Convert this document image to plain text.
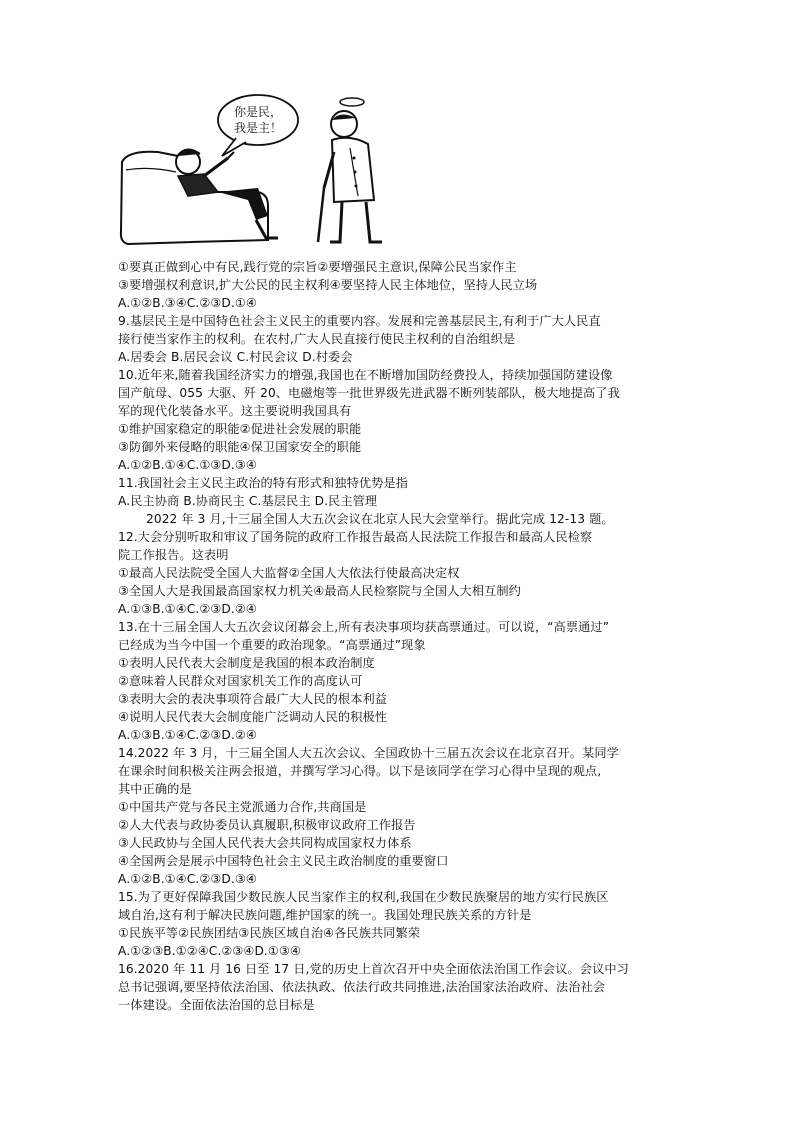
你是民，
我是主！
①要真正做到心中有民,践行党的宗旨②要增强民主意识,保障公民当家作主
③要增强权利意识,扩大公民的民主权利④要坚持人民主体地位，坚持人民立场
A.①②B.③④C.②③D.①④
9.基层民主是中国特色社会主义民主的重要内容。发展和完善基层民主,有利于广大人民直
接行使当家作主的权利。在农村,广大人民直接行使民主权利的自治组织是
A.居委会 B.居民会议 C.村民会议 D.村委会
10.近年来,随着我国经济实力的增强,我国也在不断增加国防经费投人，持续加强国防建设像
国产航母、055 大驱、歼 20、电磁炮等一批世界级先进武器不断列装部队，极大地提高了我
军的现代化装备水平。这主要说明我国具有
①维护国家稳定的职能②促进社会发展的职能
③防御外来侵略的职能④保卫国家安全的职能
A.①②B.①④C.①③D.③④
11.我国社会主义民主政治的特有形式和独特优势是指
A.民主协商 B.协商民主 C.基层民主 D.民主管理
2022 年 3 月,十三届全国人大五次会议在北京人民大会堂举行。据此完成 12-13 题。
12.大会分别听取和审议了国务院的政府工作报告最高人民法院工作报告和最高人民检察
院工作报告。这表明
①最高人民法院受全国人大监督②全国人大依法行使最高决定权
③全国人大是我国最高国家权力机关④最高人民检察院与全国人大相互制约
A.①③B.①④C.②③D.②④
13.在十三届全国人大五次会议闭幕会上,所有表决事项均获高票通过。可以说，“高票通过”
已经成为当今中国一个重要的政治现象。“高票通过”现象
①表明人民代表大会制度是我国的根本政治制度
②意味着人民群众对国家机关工作的高度认可
③表明大会的表决事项符合最广大人民的根本利益
④说明人民代表大会制度能广泛调动人民的积极性
A.①③B.①④C.②③D.②④
14.2022 年 3 月，十三届全国人大五次会议、全国政协十三届五次会议在北京召开。某同学
在课余时间积极关注两会报道，并撰写学习心得。以下是该同学在学习心得中呈现的观点,
其中正确的是
①中国共产党与各民主党派通力合作,共商国是
②人大代表与政协委员认真履职,积极审议政府工作报告
③人民政协与全国人民代表大会共同构成国家权力体系
④全国两会是展示中国特色社会主义民主政治制度的重要窗口
A.①②B.①④C.②③D.③④
15.为了更好保障我国少数民族人民当家作主的权利,我国在少数民族聚居的地方实行民族区
域自治,这有利于解决民族问题,维护国家的统一。我国处理民族关系的方针是
①民族平等②民族团结③民族区域自治④各民族共同繁荣
A.①②③B.①②④C.②③④D.①③④
16.2020 年 11 月 16 日至 17 日,党的历史上首次召开中央全面依法治国工作会议。会议中习
总书记强调,要坚持依法治国、依法执政、依法行政共同推进,法治国家法治政府、法治社会
一体建设。全面依法治国的总目标是
